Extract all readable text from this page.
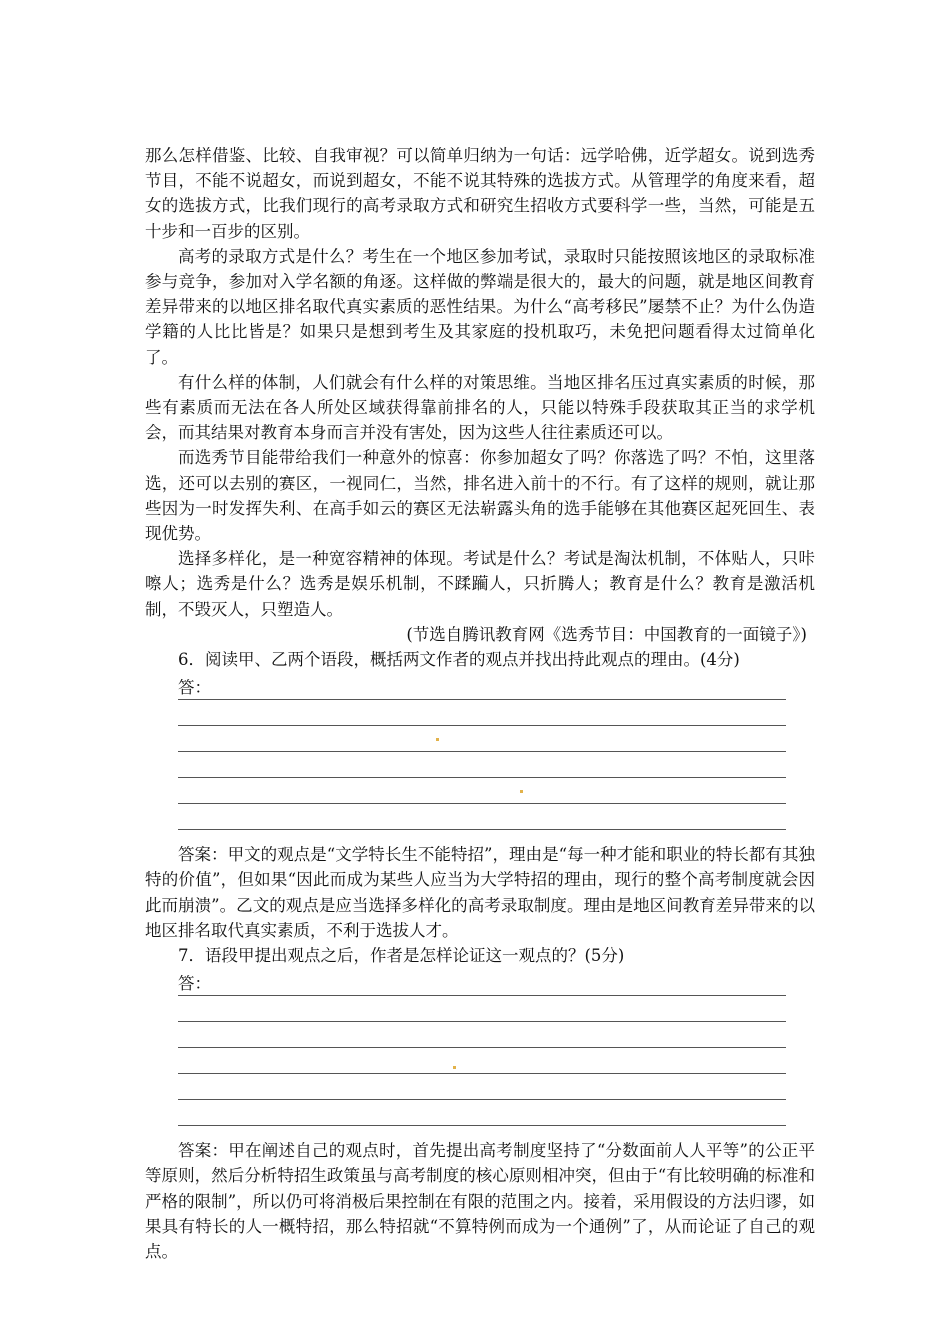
那么怎样借鉴、比较、自我审视？可以简单归纳为一句话：远学哈佛，近学超女。说到选秀节目，不能不说超女，而说到超女，不能不说其特殊的选拔方式。从管理学的角度来看，超女的选拔方式，比我们现行的高考录取方式和研究生招收方式要科学一些，当然，可能是五十步和一百步的区别。

高考的录取方式是什么？考生在一个地区参加考试，录取时只能按照该地区的录取标准参与竞争，参加对入学名额的角逐。这样做的弊端是很大的，最大的问题，就是地区间教育差异带来的以地区排名取代真实素质的恶性结果。为什么“高考移民”屡禁不止？为什么伪造学籍的人比比皆是？如果只是想到考生及其家庭的投机取巧，未免把问题看得太过简单化了。

有什么样的体制，人们就会有什么样的对策思维。当地区排名压过真实素质的时候，那些有素质而无法在各人所处区域获得靠前排名的人，只能以特殊手段获取其正当的求学机会，而其结果对教育本身而言并没有害处，因为这些人往往素质还可以。

而选秀节目能带给我们一种意外的惊喜：你参加超女了吗？你落选了吗？不怕，这里落选，还可以去别的赛区，一视同仁，当然，排名进入前十的不行。有了这样的规则，就让那些因为一时发挥失利、在高手如云的赛区无法崭露头角的选手能够在其他赛区起死回生、表现优势。

选择多样化，是一种宽容精神的体现。考试是什么？考试是淘汰机制，不体贴人，只咔嚓人；选秀是什么？选秀是娱乐机制，不蹂躏人，只折腾人；教育是什么？教育是激活机制，不毁灭人，只塑造人。

(节选自腾讯教育网《选秀节目：中国教育的一面镜子》)

6．阅读甲、乙两个语段，概括两文作者的观点并找出持此观点的理由。(4分)

答：

答案：甲文的观点是“文学特长生不能特招”，理由是“每一种才能和职业的特长都有其独特的价值”，但如果“因此而成为某些人应当为大学特招的理由，现行的整个高考制度就会因此而崩溃”。乙文的观点是应当选择多样化的高考录取制度。理由是地区间教育差异带来的以地区排名取代真实素质，不利于选拔人才。

7．语段甲提出观点之后，作者是怎样论证这一观点的？(5分)

答：

答案：甲在阐述自己的观点时，首先提出高考制度坚持了“分数面前人人平等”的公正平等原则，然后分析特招生政策虽与高考制度的核心原则相冲突，但由于“有比较明确的标准和严格的限制”，所以仍可将消极后果控制在有限的范围之内。接着，采用假设的方法归谬，如果具有特长的人一概特招，那么特招就“不算特例而成为一个通例”了，从而论证了自己的观点。
